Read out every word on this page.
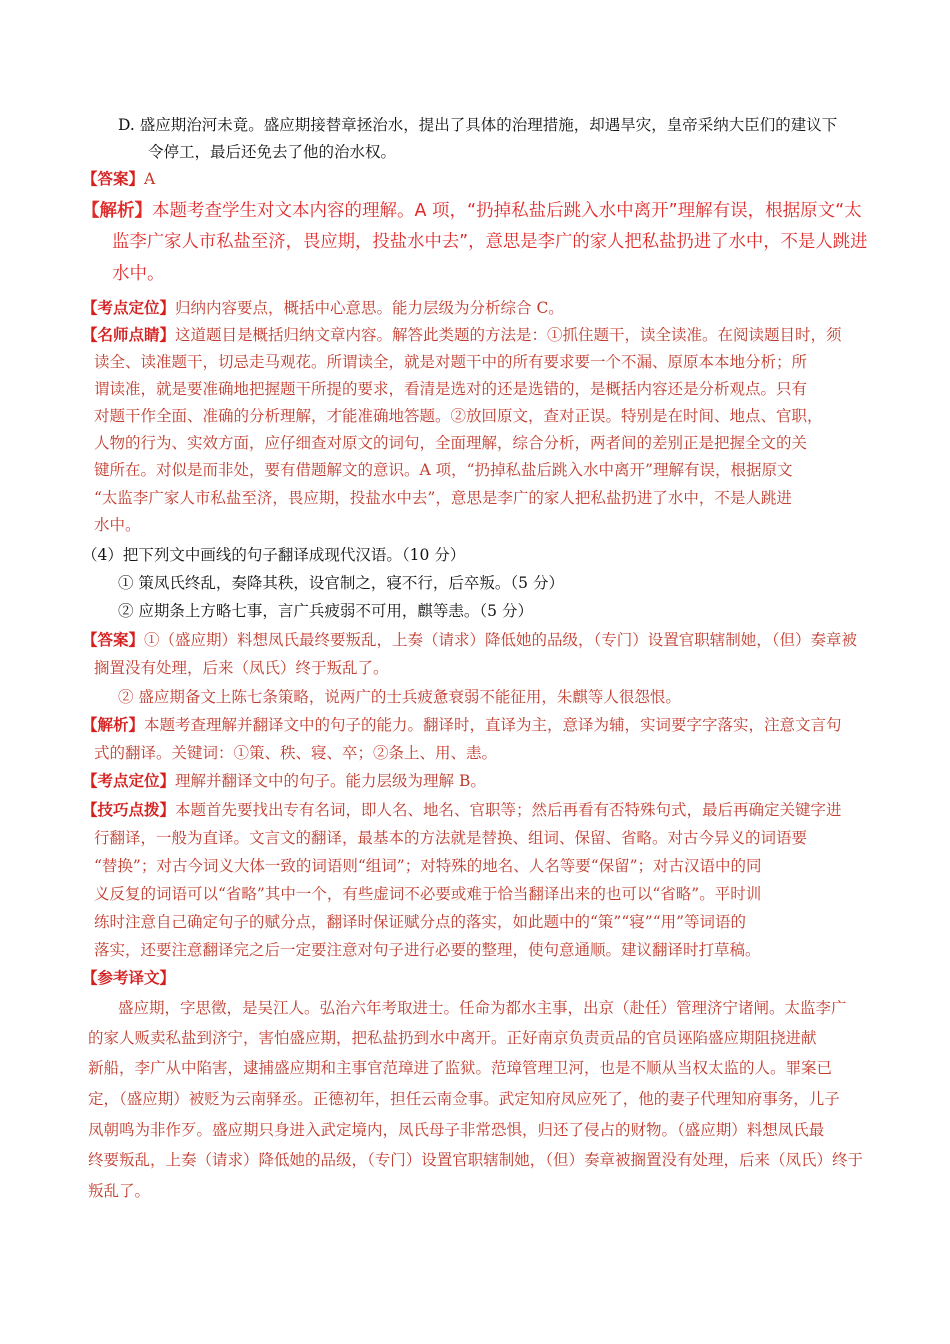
D. 盛应期治河未竟。盛应期接替章拯治水，提出了具体的治理措施，却遇旱灾，皇帝采纳大臣们的建议下
令停工，最后还免去了他的治水权。
【答案】A
【解析】本题考查学生对文本内容的理解。A 项，“扔掉私盐后跳入水中离开”理解有误，根据原文“太
监李广家人市私盐至济，畏应期，投盐水中去”，意思是李广的家人把私盐扔进了水中，不是人跳进
水中。
【考点定位】归纳内容要点，概括中心意思。能力层级为分析综合 C。
【名师点睛】这道题目是概括归纳文章内容。解答此类题的方法是：①抓住题干，读全读准。在阅读题目时，须
读全、读准题干，切忌走马观花。所谓读全，就是对题干中的所有要求要一个不漏、原原本本地分析；所
谓读准，就是要准确地把握题干所提的要求，看清是选对的还是选错的，是概括内容还是分析观点。只有
对题干作全面、准确的分析理解，才能准确地答题。②放回原文，查对正误。特别是在时间、地点、官职，
人物的行为、实效方面，应仔细查对原文的词句，全面理解，综合分析，两者间的差别正是把握全文的关
键所在。对似是而非处，要有借题解文的意识。A 项，“扔掉私盐后跳入水中离开”理解有误，根据原文
“太监李广家人市私盐至济，畏应期，投盐水中去”，意思是李广的家人把私盐扔进了水中，不是人跳进
水中。
（4）把下列文中画线的句子翻译成现代汉语。（10 分）
① 策凤氏终乱，奏降其秩，设官制之，寝不行，后卒叛。（5 分）
② 应期条上方略七事，言广兵疲弱不可用，麒等恚。（5 分）
【答案】①（盛应期）料想凤氏最终要叛乱，上奏（请求）降低她的品级，（专门）设置官职辖制她，（但）奏章被
搁置没有处理，后来（凤氏）终于叛乱了。
② 盛应期备文上陈七条策略，说两广的士兵疲惫衰弱不能征用，朱麒等人很怨恨。
【解析】本题考查理解并翻译文中的句子的能力。翻译时，直译为主，意译为辅，实词要字字落实，注意文言句
式的翻译。关键词：①策、秩、寝、卒；②条上、用、恚。
【考点定位】理解并翻译文中的句子。能力层级为理解 B。
【技巧点拨】本题首先要找出专有名词，即人名、地名、官职等；然后再看有否特殊句式，最后再确定关键字进
行翻译，一般为直译。文言文的翻译，最基本的方法就是替换、组词、保留、省略。对古今异义的词语要
“替换”；对古今词义大体一致的词语则“组词”；对特殊的地名、人名等要“保留”；对古汉语中的同
义反复的词语可以“省略”其中一个，有些虚词不必要或难于恰当翻译出来的也可以“省略”。平时训
练时注意自己确定句子的赋分点，翻译时保证赋分点的落实，如此题中的“策”“寝”“用”等词语的
落实，还要注意翻译完之后一定要注意对句子进行必要的整理，使句意通顺。建议翻译时打草稿。
【参考译文】
盛应期，字思徵，是吴江人。弘治六年考取进士。任命为都水主事，出京（赴任）管理济宁诸闸。太监李广
的家人贩卖私盐到济宁，害怕盛应期，把私盐扔到水中离开。正好南京负责贡品的官员诬陷盛应期阻挠进献
新船，李广从中陷害，逮捕盛应期和主事官范璋进了监狱。范璋管理卫河，也是不顺从当权太监的人。罪案已
定，（盛应期）被贬为云南驿丞。正德初年，担任云南佥事。武定知府凤应死了，他的妻子代理知府事务，儿子
凤朝鸣为非作歹。盛应期只身进入武定境内，凤氏母子非常恐惧，归还了侵占的财物。（盛应期）料想凤氏最
终要叛乱，上奏（请求）降低她的品级，（专门）设置官职辖制她，（但）奏章被搁置没有处理，后来（凤氏）终于
叛乱了。
